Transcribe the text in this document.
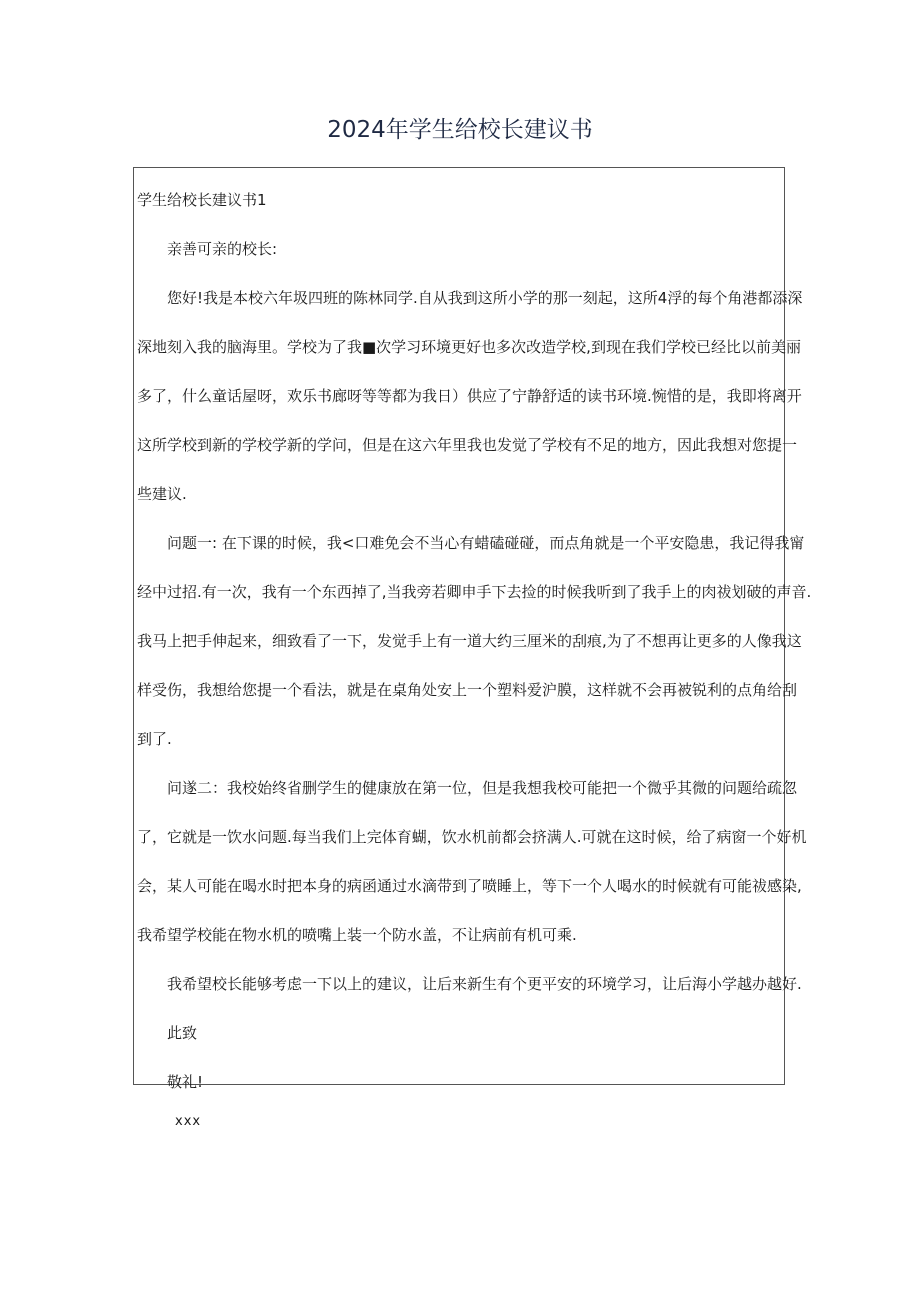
2024年学生给校长建议书
学生给校长建议书1
亲善可亲的校长:
您好!我是本校六年圾四班的陈林同学.自从我到这所小学的那一刻起，这所4浮的每个角港都添深
深地刻入我的脑海里。学校为了我■次学习环境更好也多次改造学校,到现在我们学校已经比以前美丽
多了，什么童话屋呀，欢乐书廊呀等等都为我日）供应了宁静舒适的读书环境.惋惜的是，我即将离开
这所学校到新的学校学新的学问，但是在这六年里我也发觉了学校有不足的地方，因此我想对您提一
些建议.
问题一: 在下课的时候，我<口难免会不当心有蜡磕碰碰，而点角就是一个平安隐患，我记得我甯
经中过招.有一次，我有一个东西掉了,当我旁若卿申手下去捡的时候我听到了我手上的肉祓划破的声音.
我马上把手伸起来，细致看了一下，发觉手上有一道大约三厘米的刮痕,为了不想再让更多的人像我这
样受伤，我想给您提一个看法，就是在桌角处安上一个塑料爱沪膜，这样就不会再被锐利的点角给刮
到了.
问遂二：我校始终省删学生的健康放在第一位，但是我想我校可能把一个微乎其微的问题给疏忽
了，它就是一饮水问题.每当我们上完体育蝴，饮水机前都会挤满人.可就在这时候，给了病窗一个好机
会，某人可能在喝水时把本身的病函通过水滴带到了喷睡上，等下一个人喝水的时候就有可能祓感染,
我希望学校能在物水机的喷嘴上装一个防水盖，不让病前有机可乘.
我希望校长能够考虑一下以上的建议，让后来新生有个更平安的环境学习，让后海小学越办越好.
此致
敬礼!
xxx
